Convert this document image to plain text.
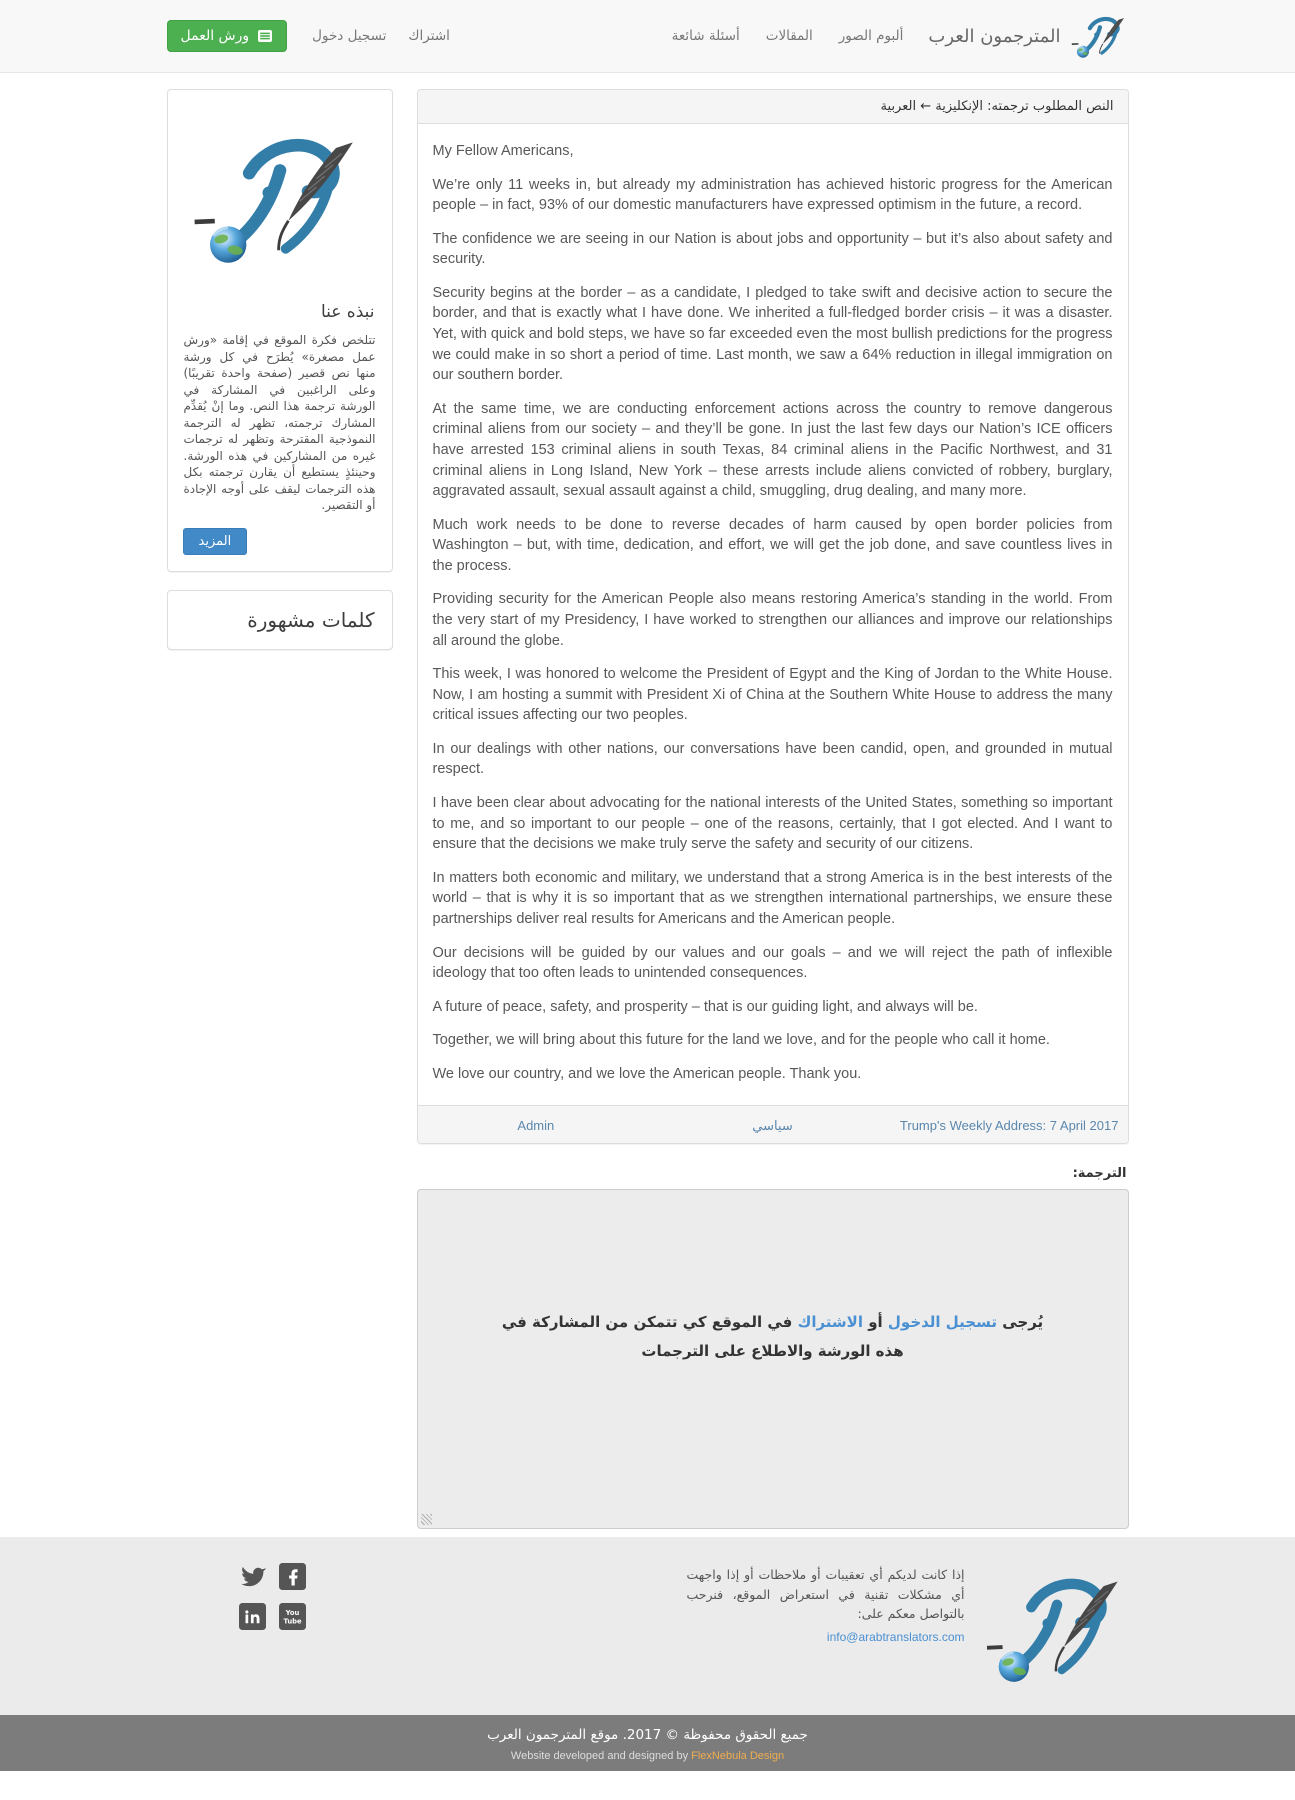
المترجمون العرب
ألبوم الصور
المقالات
أسئلة شائعة
اشتراك
تسجيل دخول
ورش العمل
النص المطلوب ترجمته: الإنكليزية ← العربية

My Fellow Americans,

We’re only 11 weeks in, but already my administration has achieved historic progress for the American people – in fact, 93% of our domestic manufacturers have expressed optimism in the future, a record.

The confidence we are seeing in our Nation is about jobs and opportunity – but it’s also about safety and security.

Security begins at the border – as a candidate, I pledged to take swift and decisive action to secure the border, and that is exactly what I have done. We inherited a full-fledged border crisis – it was a disaster. Yet, with quick and bold steps, we have so far exceeded even the most bullish predictions for the progress we could make in so short a period of time. Last month, we saw a 64% reduction in illegal immigration on our southern border.

At the same time, we are conducting enforcement actions across the country to remove dangerous criminal aliens from our society – and they’ll be gone. In just the last few days our Nation’s ICE officers have arrested 153 criminal aliens in south Texas, 84 criminal aliens in the Pacific Northwest, and 31 criminal aliens in Long Island, New York – these arrests include aliens convicted of robbery, burglary, aggravated assault, sexual assault against a child, smuggling, drug dealing, and many more.

Much work needs to be done to reverse decades of harm caused by open border policies from Washington – but, with time, dedication, and effort, we will get the job done, and save countless lives in the process.

Providing security for the American People also means restoring America’s standing in the world. From the very start of my Presidency, I have worked to strengthen our alliances and improve our relationships all around the globe.

This week, I was honored to welcome the President of Egypt and the King of Jordan to the White House. Now, I am hosting a summit with President Xi of China at the Southern White House to address the many critical issues affecting our two peoples.

In our dealings with other nations, our conversations have been candid, open, and grounded in mutual respect.

I have been clear about advocating for the national interests of the United States, something so important to me, and so important to our people – one of the reasons, certainly, that I got elected. And I want to ensure that the decisions we make truly serve the safety and security of our citizens.

In matters both economic and military, we understand that a strong America is in the best interests of the world – that is why it is so important that as we strengthen international partnerships, we ensure these partnerships deliver real results for Americans and the American people.

Our decisions will be guided by our values and our goals – and we will reject the path of inflexible ideology that too often leads to unintended consequences.

A future of peace, safety, and prosperity – that is our guiding light, and always will be.

Together, we will bring about this future for the land we love, and for the people who call it home.

We love our country, and we love the American people. Thank you.

Admin	سياسي	Trump's Weekly Address: 7 April 2017
الترجمة:
يُرجى تسجيل الدخول أو الاشتراك في الموقع كي تتمكن من المشاركة في هذه الورشة والاطلاع على الترجمات
نبذه عنا

تتلخص فكرة الموقع في إقامة «ورش عمل مصغرة» يُطرَح في كل ورشة منها نص قصير (صفحة واحدة تقريبًا) وعلى الراغبين في المشاركة في الورشة ترجمة هذا النص. وما إنْ يُقدِّم المشارك ترجمته، تظهر له الترجمة النموذجية المقترحة وتظهر له ترجمات غيره من المشاركين في هذه الورشة. وحينئذٍ يستطيع أن يقارن ترجمته بكل هذه الترجمات ليقف على أوجه الإجادة أو التقصير.

المزيد
كلمات مشهورة
إذا كانت لديكم أي تعقيبات أو ملاحظات أو إذا واجهت أي مشكلات تقنية في استعراض الموقع، فنرحب بالتواصل معكم على:
info@arabtranslators.com
You
Tube

جميع الحقوق محفوظة © 2017. موقع المترجمون العرب

Website developed and designed by FlexNebula Design
